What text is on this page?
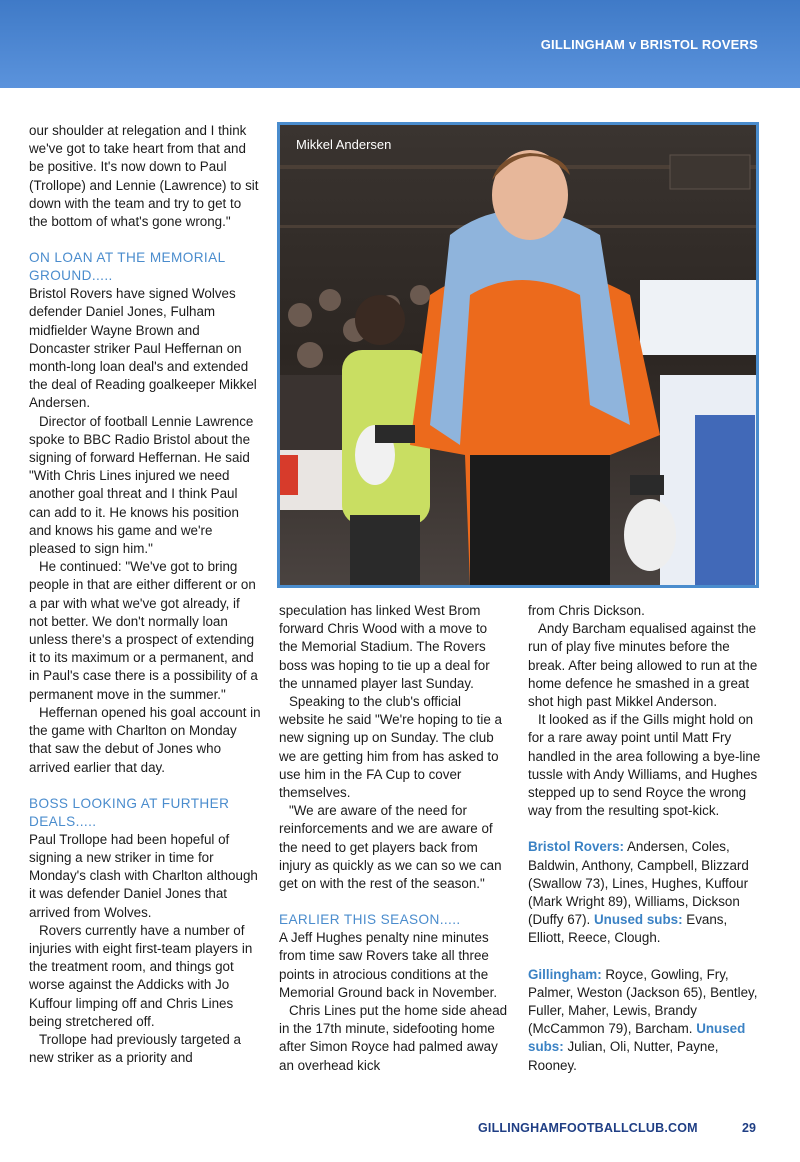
GILLINGHAM v BRISTOL ROVERS

our shoulder at relegation and I think we've got to take heart from that and be positive. It's now down to Paul (Trollope) and Lennie (Lawrence) to sit down with the team and try to get to the bottom of what's gone wrong."

ON LOAN AT THE MEMORIAL GROUND.....

Bristol Rovers have signed Wolves defender Daniel Jones, Fulham midfielder Wayne Brown and Doncaster striker Paul Heffernan on month-long loan deal's and extended the deal of Reading goalkeeper Mikkel Andersen.

Director of football Lennie Lawrence spoke to BBC Radio Bristol about the signing of forward Heffernan. He said "With Chris Lines injured we need another goal threat and I think Paul can add to it. He knows his position and knows his game and we're pleased to sign him."

He continued: "We've got to bring people in that are either different or on a par with what we've got already, if not better. We don't normally loan unless there's a prospect of extending it to its maximum or a permanent, and in Paul's case there is a possibility of a permanent move in the summer."

Heffernan opened his goal account in the game with Charlton on Monday that saw the debut of Jones who arrived earlier that day.

BOSS LOOKING AT FURTHER DEALS.....

Paul Trollope had been hopeful of signing a new striker in time for Monday's clash with Charlton although it was defender Daniel Jones that arrived from Wolves.

Rovers currently have a number of injuries with eight first-team players in the treatment room, and things got worse against the Addicks with Jo Kuffour limping off and Chris Lines being stretchered off.

Trollope had previously targeted a new striker as a priority and

Mikkel Andersen

speculation has linked West Brom forward Chris Wood with a move to the Memorial Stadium. The Rovers boss was hoping to tie up a deal for the unnamed player last Sunday.

Speaking to the club's official website he said "We're hoping to tie a new signing up on Sunday. The club we are getting him from has asked to use him in the FA Cup to cover themselves.

"We are aware of the need for reinforcements and we are aware of the need to get players back from injury as quickly as we can so we can get on with the rest of the season."

EARLIER THIS SEASON.....

A Jeff Hughes penalty nine minutes from time saw Rovers take all three points in atrocious conditions at the Memorial Ground back in November.

Chris Lines put the home side ahead in the 17th minute, sidefooting home after Simon Royce had palmed away an overhead kick

from Chris Dickson.

Andy Barcham equalised against the run of play five minutes before the break. After being allowed to run at the home defence he smashed in a great shot high past Mikkel Anderson.

It looked as if the Gills might hold on for a rare away point until Matt Fry handled in the area following a bye-line tussle with Andy Williams, and Hughes stepped up to send Royce the wrong way from the resulting spot-kick.

Bristol Rovers: Andersen, Coles, Baldwin, Anthony, Campbell, Blizzard (Swallow 73), Lines, Hughes, Kuffour (Mark Wright 89), Williams, Dickson (Duffy 67). Unused subs: Evans, Elliott, Reece, Clough.

Gillingham: Royce, Gowling, Fry, Palmer, Weston (Jackson 65), Bentley, Fuller, Maher, Lewis, Brandy (McCammon 79), Barcham. Unused subs: Julian, Oli, Nutter, Payne, Rooney.

GILLINGHAMFOOTBALLCLUB.COM	29
